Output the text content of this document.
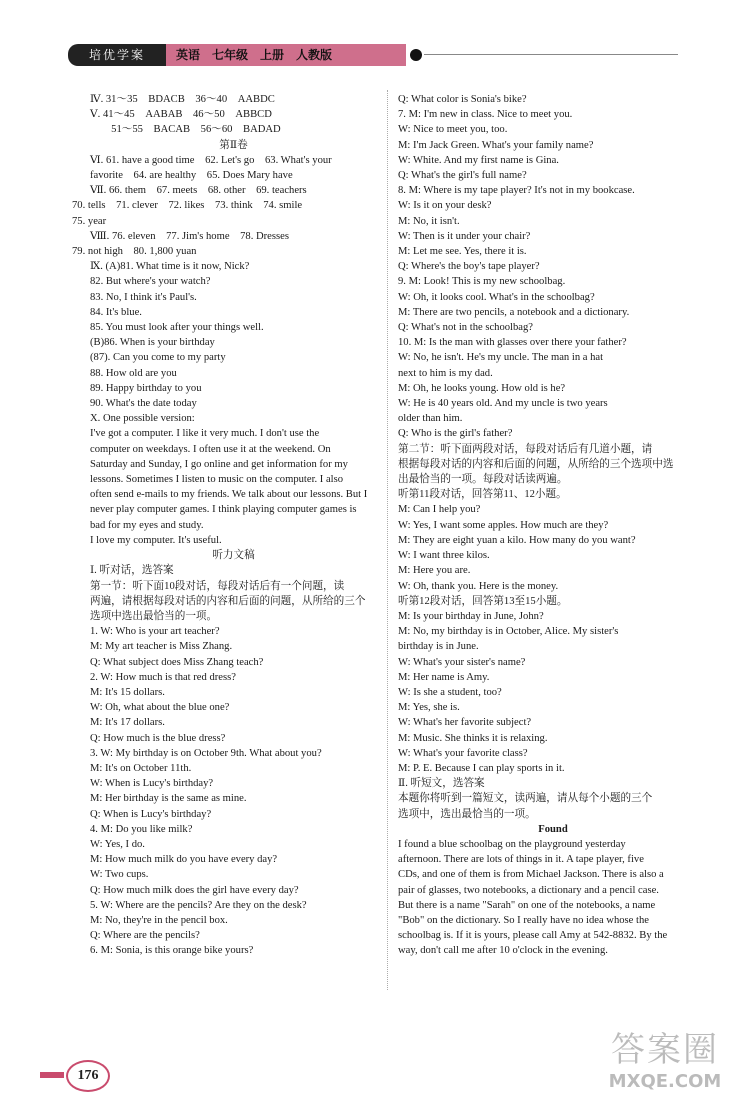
培优学案	英语　七年级　上册　人教版

Ⅳ. 31～35　BDACB　36～40　AABDC

Ⅴ. 41～45　AABAB　46～50　ABBCD

　　51～55　BACAB　56～60　BADAD

第Ⅱ卷

Ⅵ. 61. have a good time　62. Let's go　63. What's your

favorite　64. are healthy　65. Does Mary have

Ⅶ. 66. them　67. meets　68. other　69. teachers

70. tells　71. clever　72. likes　73. think　74. smile

75. year

Ⅷ. 76. eleven　77. Jim's home　78. Dresses

79. not high　80. 1,800 yuan

Ⅸ. (A)81. What time is it now, Nick?

82. But where's your watch?

83. No, I think it's Paul's.

84. It's blue.

85. You must look after your things well.

(B)86. When is your birthday

(87). Can you come to my party

88. How old are you

89. Happy birthday to you

90. What's the date today

X. One possible version:

I've got a computer. I like it very much. I don't use the

computer on weekdays. I often use it at the weekend. On

Saturday and Sunday, I go online and get information for my

lessons. Sometimes I listen to music on the computer. I also

often send e-mails to my friends. We talk about our lessons. But I

never play computer games. I think playing computer games is

bad for my eyes and study.

I love my computer. It's useful.

听力文稿

Ⅰ. 听对话，选答案

第一节：听下面10段对话，每段对话后有一个问题，读

两遍，请根据每段对话的内容和后面的问题，从所给的三个

选项中选出最恰当的一项。

1. W: Who is your art teacher?

M: My art teacher is Miss Zhang.

Q: What subject does Miss Zhang teach?

2. W: How much is that red dress?

M: It's 15 dollars.

W: Oh, what about the blue one?

M: It's 17 dollars.

Q: How much is the blue dress?

3. W: My birthday is on October 9th. What about you?

M: It's on October 11th.

W: When is Lucy's birthday?

M: Her birthday is the same as mine.

Q: When is Lucy's birthday?

4. M: Do you like milk?

W: Yes, I do.

M: How much milk do you have every day?

W: Two cups.

Q: How much milk does the girl have every day?

5. W: Where are the pencils? Are they on the desk?

M: No, they're in the pencil box.

Q: Where are the pencils?

6. M: Sonia, is this orange bike yours?

Q: What color is Sonia's bike?

7. M: I'm new in class. Nice to meet you.

W: Nice to meet you, too.

M: I'm Jack Green. What's your family name?

W: White. And my first name is Gina.

Q: What's the girl's full name?

8. M: Where is my tape player? It's not in my bookcase.

W: Is it on your desk?

M: No, it isn't.

W: Then is it under your chair?

M: Let me see. Yes, there it is.

Q: Where's the boy's tape player?

9. M: Look! This is my new schoolbag.

W: Oh, it looks cool. What's in the schoolbag?

M: There are two pencils, a notebook and a dictionary.

Q: What's not in the schoolbag?

10. M: Is the man with glasses over there your father?

W: No, he isn't. He's my uncle. The man in a hat

next to him is my dad.

M: Oh, he looks young. How old is he?

W: He is 40 years old. And my uncle is two years

older than him.

Q: Who is the girl's father?

第二节：听下面两段对话，每段对话后有几道小题，请

根据每段对话的内容和后面的问题，从所给的三个选项中选

出最恰当的一项。每段对话读两遍。

听第11段对话，回答第11、12小题。

M: Can I help you?

W: Yes, I want some apples. How much are they?

M: They are eight yuan a kilo. How many do you want?

W: I want three kilos.

M: Here you are.

W: Oh, thank you. Here is the money.

听第12段对话，回答第13至15小题。

M: Is your birthday in June, John?

M: No, my birthday is in October, Alice. My sister's

birthday is in June.

W: What's your sister's name?

M: Her name is Amy.

W: Is she a student, too?

M: Yes, she is.

W: What's her favorite subject?

M: Music. She thinks it is relaxing.

W: What's your favorite class?

M: P. E. Because I can play sports in it.

Ⅱ. 听短文，选答案

本题你将听到一篇短文，读两遍，请从每个小题的三个

选项中，选出最恰当的一项。

Found

I found a blue schoolbag on the playground yesterday

afternoon. There are lots of things in it. A tape player, five

CDs, and one of them is from Michael Jackson. There is also a

pair of glasses, two notebooks, a dictionary and a pencil case.

But there is a name "Sarah" on one of the notebooks, a name

"Bob" on the dictionary. So I really have no idea whose the

schoolbag is. If it is yours, please call Amy at 542-8832. By the

way, don't call me after 10 o'clock in the evening.

176
答案圈
MXQE.COM
